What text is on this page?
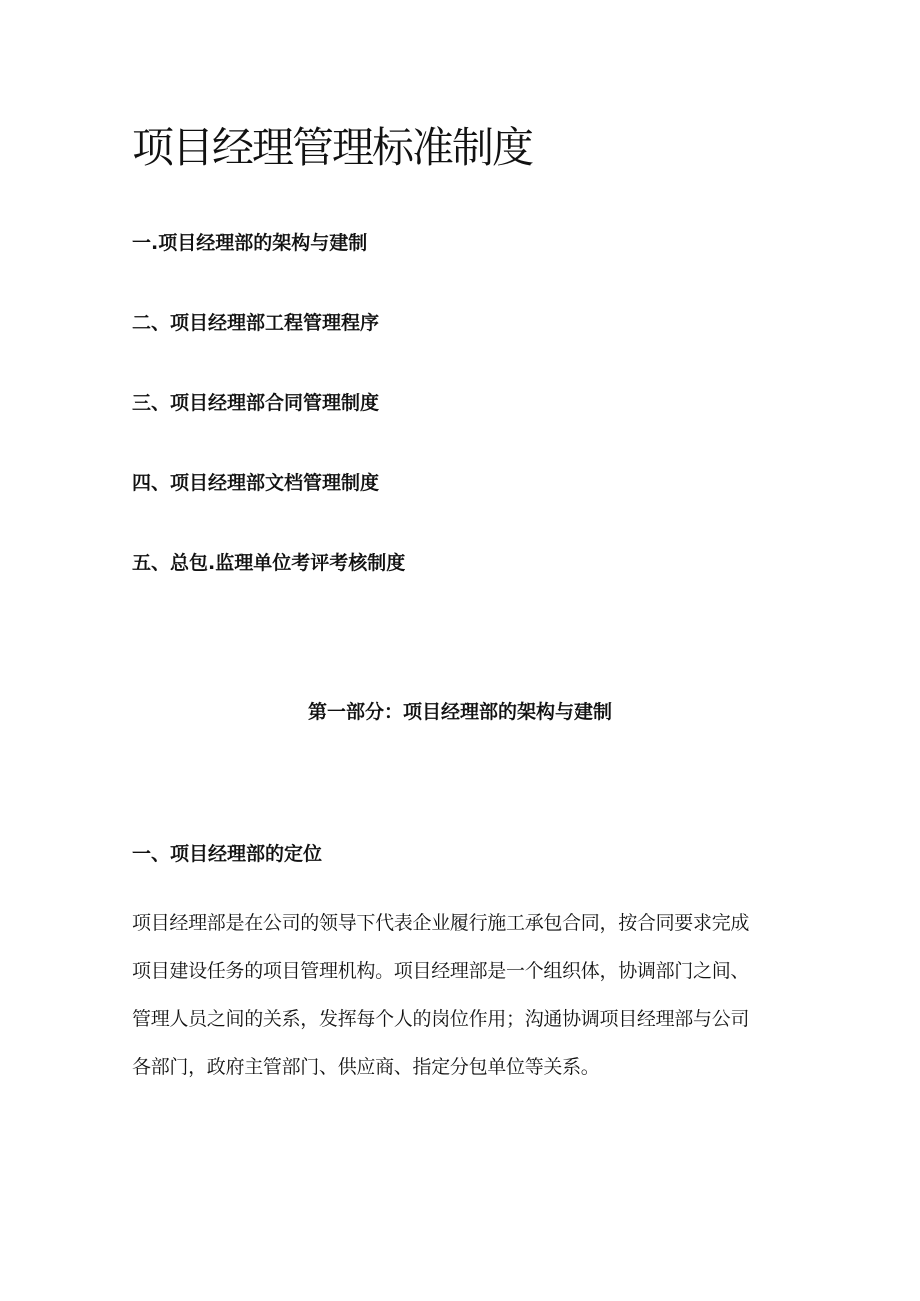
项目经理管理标准制度
一.项目经理部的架构与建制
二、项目经理部工程管理程序
三、项目经理部合同管理制度
四、项目经理部文档管理制度
五、总包.监理单位考评考核制度
第一部分：项目经理部的架构与建制
一、项目经理部的定位

项目经理部是在公司的领导下代表企业履行施工承包合同，按合同要求完成
项目建设任务的项目管理机构。项目经理部是一个组织体，协调部门之间、
管理人员之间的关系，发挥每个人的岗位作用；沟通协调项目经理部与公司
各部门，政府主管部门、供应商、指定分包单位等关系。
